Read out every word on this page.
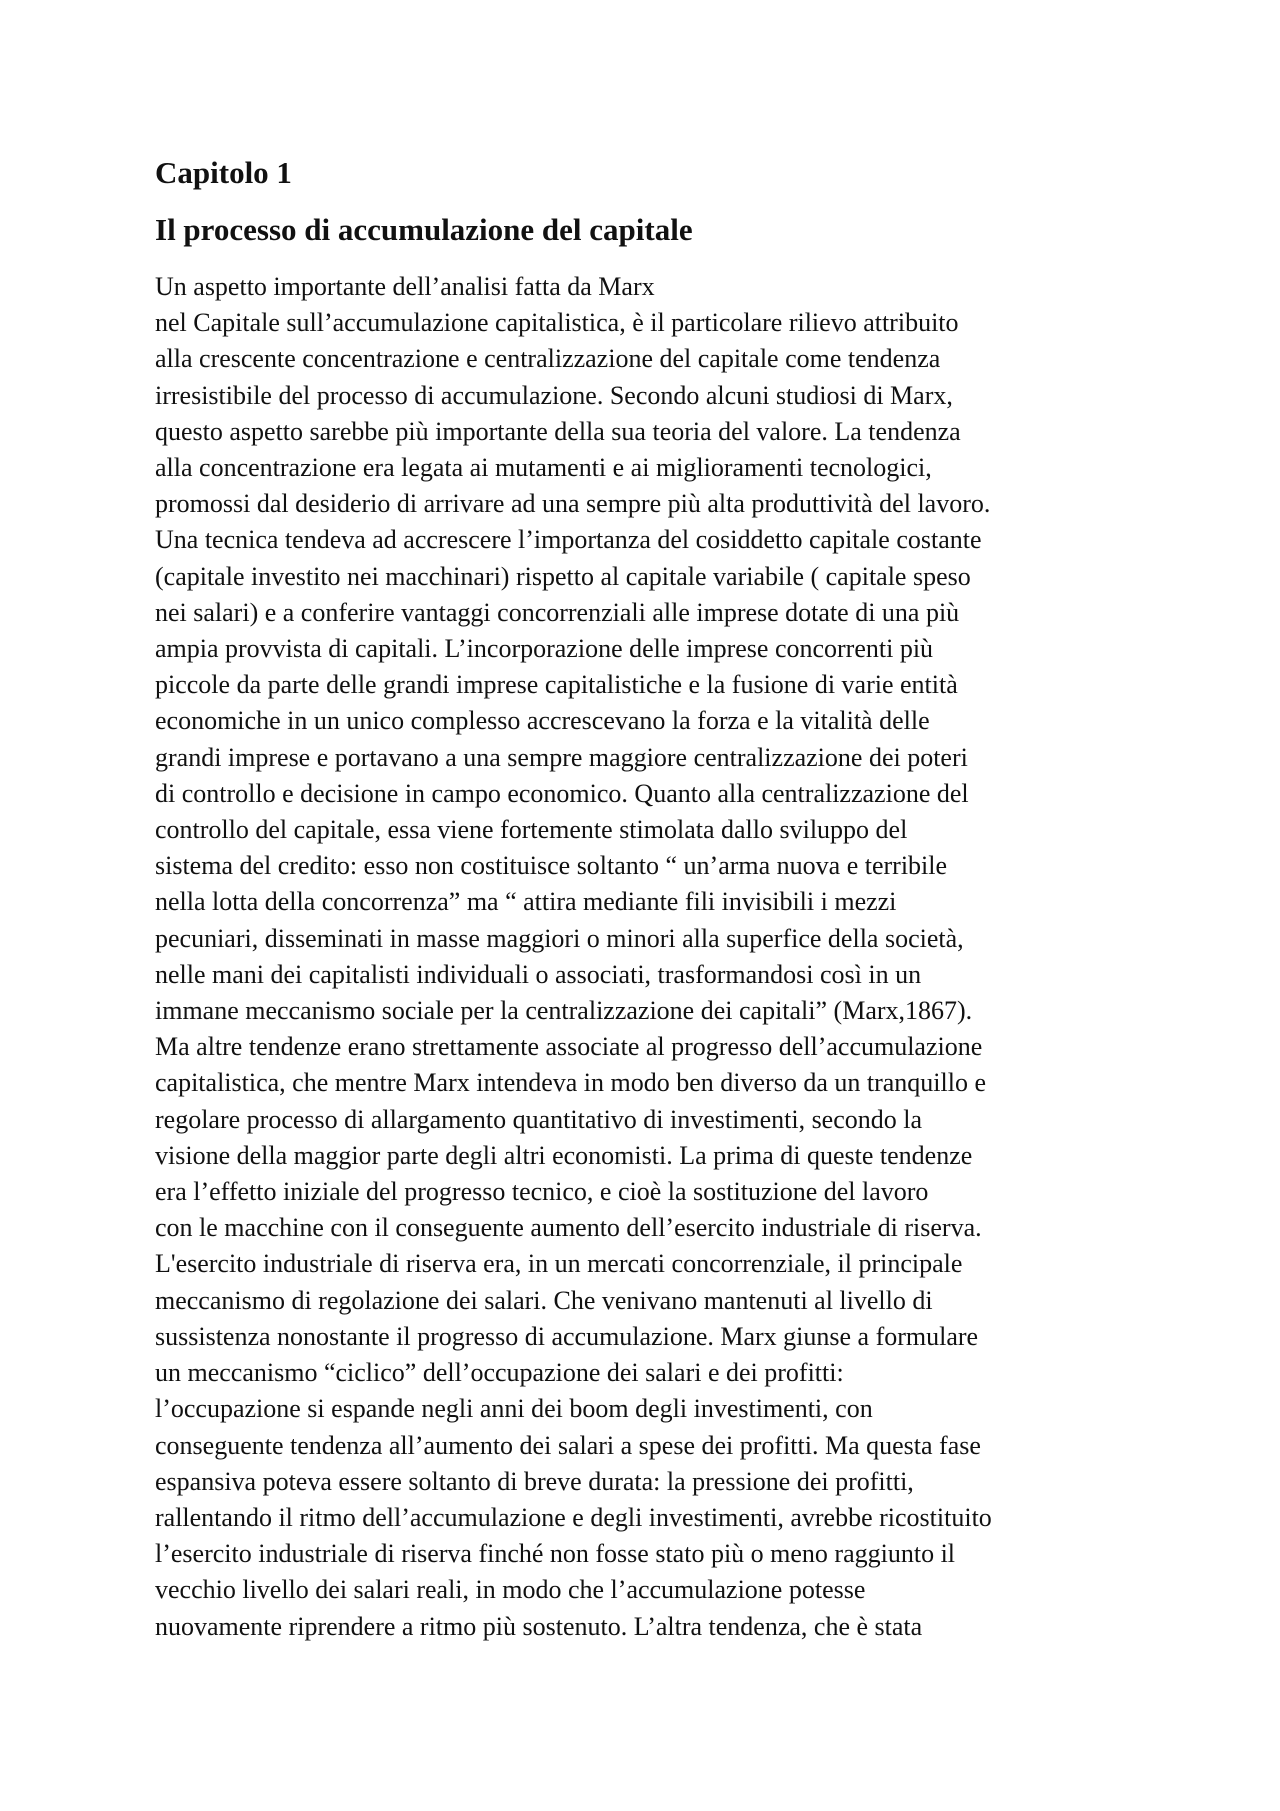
Capitolo 1
Il processo di accumulazione del capitale
Un aspetto importante dell’analisi fatta da Marx
nel Capitale sull’accumulazione capitalistica, è il particolare rilievo attribuito
alla crescente concentrazione e centralizzazione del capitale come tendenza
irresistibile del processo di accumulazione. Secondo alcuni studiosi di Marx,
questo aspetto sarebbe più importante della sua teoria del valore. La tendenza
alla concentrazione era legata ai mutamenti e ai miglioramenti tecnologici,
promossi dal desiderio di arrivare ad una sempre più alta produttività del lavoro.
Una tecnica tendeva ad accrescere l’importanza del cosiddetto capitale costante
(capitale investito nei macchinari) rispetto al capitale variabile ( capitale speso
nei salari) e a conferire vantaggi concorrenziali alle imprese dotate di una più
ampia provvista di capitali. L’incorporazione delle imprese concorrenti più
piccole da parte delle grandi imprese capitalistiche e la fusione di varie entità
economiche in un unico complesso accrescevano la forza e la vitalità delle
grandi imprese e portavano a una sempre maggiore centralizzazione dei poteri
di controllo e decisione in campo economico. Quanto alla centralizzazione del
controllo del capitale, essa viene fortemente stimolata dallo sviluppo del
sistema del credito: esso non costituisce soltanto “ un’arma nuova e terribile
nella lotta della concorrenza” ma “ attira mediante fili invisibili i mezzi
pecuniari, disseminati in masse maggiori o minori alla superfice della società,
nelle mani dei capitalisti individuali o associati, trasformandosi così in un
immane meccanismo sociale per la centralizzazione dei capitali” (Marx,1867).
Ma altre tendenze erano strettamente associate al progresso dell’accumulazione
capitalistica, che mentre Marx intendeva in modo ben diverso da un tranquillo e
regolare processo di allargamento quantitativo di investimenti, secondo la
visione della maggior parte degli altri economisti. La prima di queste tendenze
era l’effetto iniziale del progresso tecnico, e cioè la sostituzione del lavoro
con le macchine con il conseguente aumento dell’esercito industriale di riserva.
L'esercito industriale di riserva era, in un mercati concorrenziale, il principale
meccanismo di regolazione dei salari. Che venivano mantenuti al livello di
sussistenza nonostante il progresso di accumulazione. Marx giunse a formulare
un meccanismo “ciclico” dell’occupazione dei salari e dei profitti:
l’occupazione si espande negli anni dei boom degli investimenti, con
conseguente tendenza all’aumento dei salari a spese dei profitti. Ma questa fase
espansiva poteva essere soltanto di breve durata: la pressione dei profitti,
rallentando il ritmo dell’accumulazione e degli investimenti, avrebbe ricostituito
l’esercito industriale di riserva finché non fosse stato più o meno raggiunto il
vecchio livello dei salari reali, in modo che l’accumulazione potesse
nuovamente riprendere a ritmo più sostenuto. L’altra tendenza, che è stata
